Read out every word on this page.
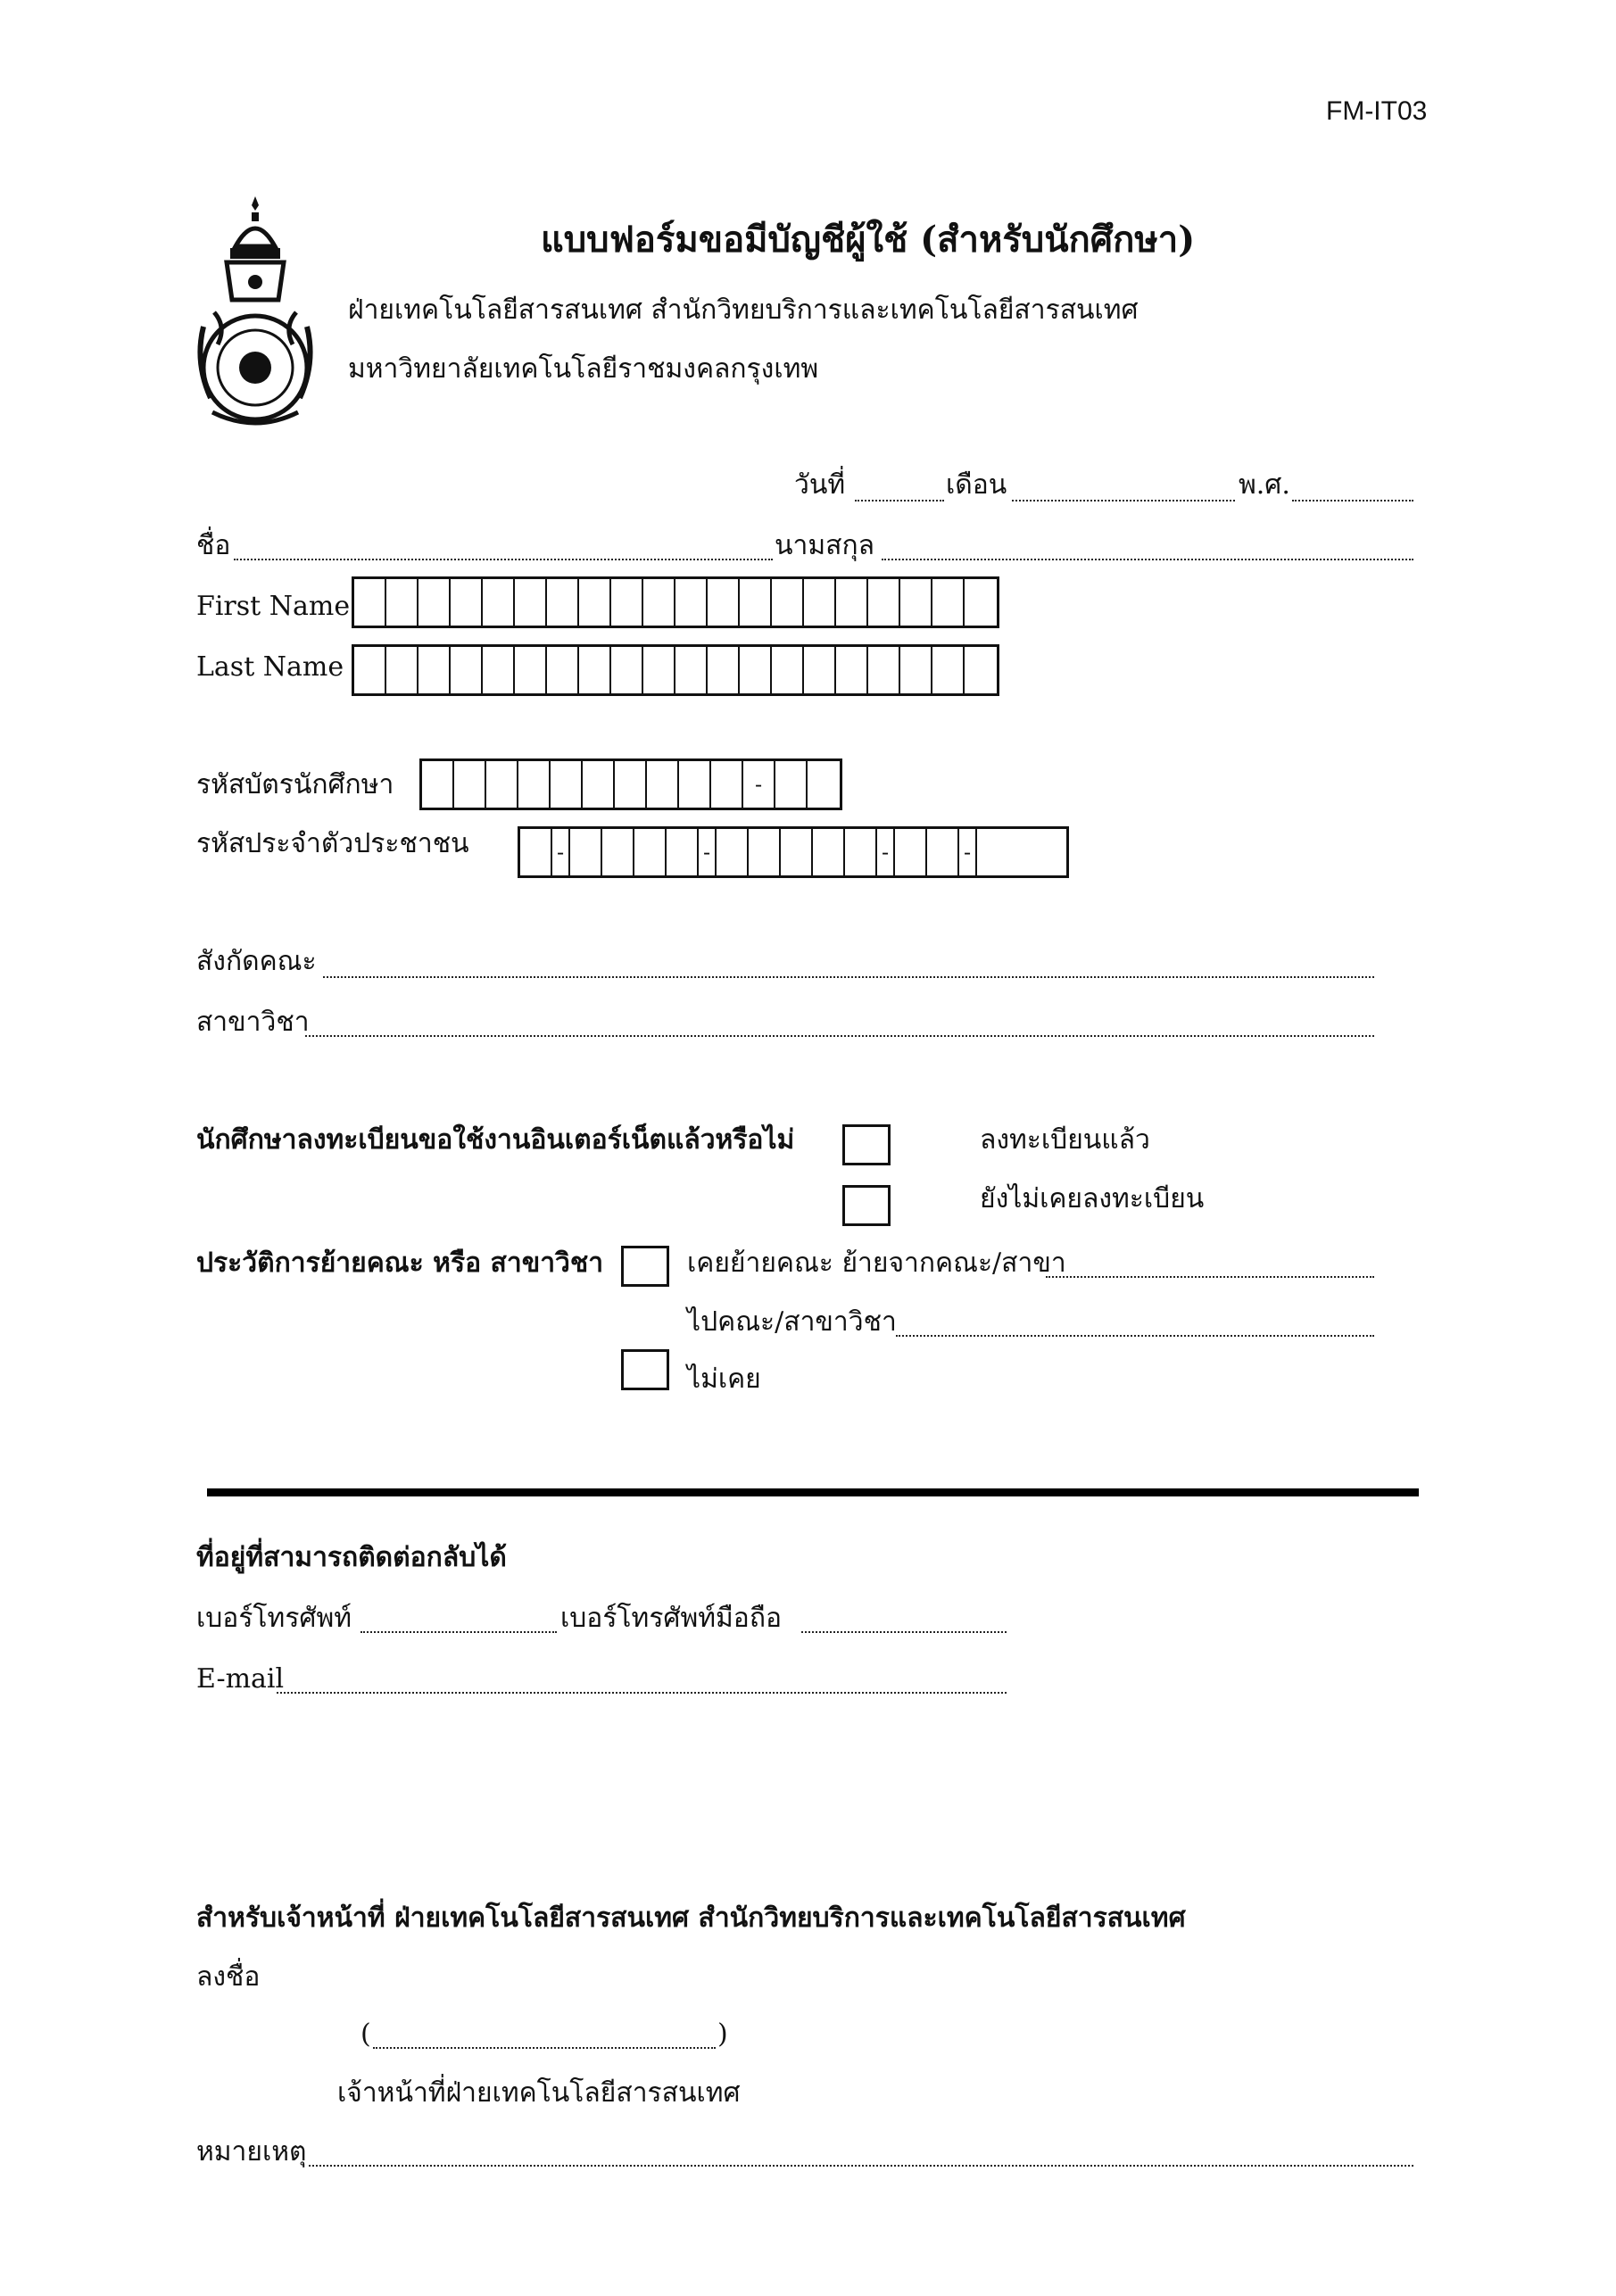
FM-IT03
แบบฟอร์มขอมีบัญชีผู้ใช้ (สำหรับนักศึกษา)
ฝ่ายเทคโนโลยีสารสนเทศ สำนักวิทยบริการและเทคโนโลยีสารสนเทศ
มหาวิทยาลัยเทคโนโลยีราชมงคลกรุงเทพ
วันที่	เดือน	พ.ศ.
ชื่อ	นามสกุล
First Name
Last Name
รหัสบัตรนักศึกษา	-
รหัสประจำตัวประชาชน	-	-	-	-
สังกัดคณะ
สาขาวิชา
นักศึกษาลงทะเบียนขอใช้งานอินเตอร์เน็ตแล้วหรือไม่	ลงทะเบียนแล้ว
ยังไม่เคยลงทะเบียน
ประวัติการย้ายคณะ หรือ สาขาวิชา	เคยย้ายคณะ ย้ายจากคณะ/สาขา
ไปคณะ/สาขาวิชา
ไม่เคย
ที่อยู่ที่สามารถติดต่อกลับได้
เบอร์โทรศัพท์	เบอร์โทรศัพท์มือถือ
E-mail
สำหรับเจ้าหน้าที่ ฝ่ายเทคโนโลยีสารสนเทศ สำนักวิทยบริการและเทคโนโลยีสารสนเทศ
ลงชื่อ
(	)
เจ้าหน้าที่ฝ่ายเทคโนโลยีสารสนเทศ
หมายเหตุ
